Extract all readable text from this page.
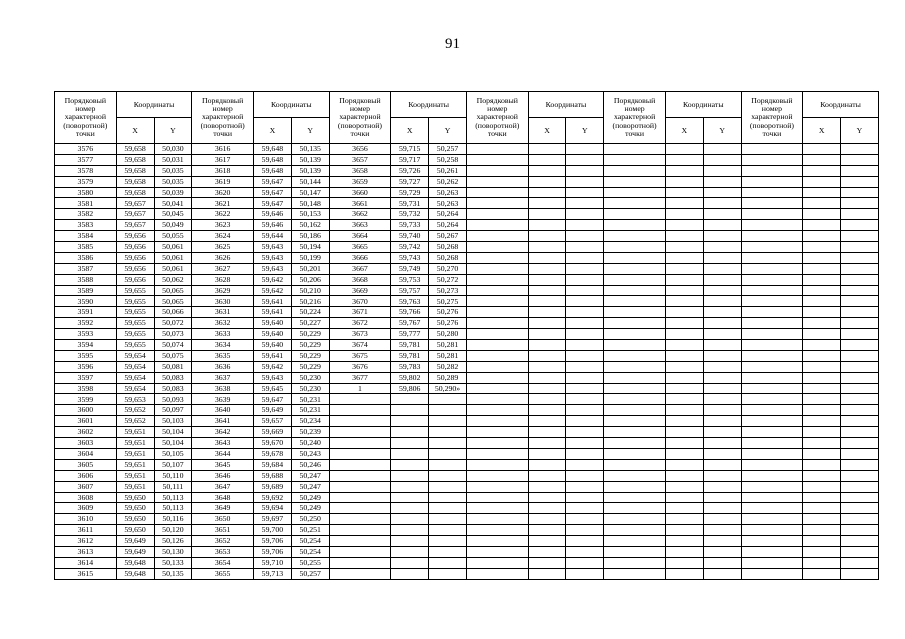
91
Порядковый номер характерной (поворотной) точки	Координаты		Порядковый номер характерной (поворотной) точки	Координаты		Порядковый номер характерной (поворотной) точки	Координаты		Порядковый номер характерной (поворотной) точки	Координаты		Порядковый номер характерной (поворотной) точки	Координаты		Порядковый номер характерной (поворотной) точки	Координаты	
	X	Y		X	Y		X	Y		X	Y		X	Y		X	Y
3576	59,658	50,030	3616	59,648	50,135	3656	59,715	50,257									
3577	59,658	50,031	3617	59,648	50,139	3657	59,717	50,258									
3578	59,658	50,035	3618	59,648	50,139	3658	59,726	50,261									
3579	59,658	50,035	3619	59,647	50,144	3659	59,727	50,262									
3580	59,658	50,039	3620	59,647	50,147	3660	59,729	50,263									
3581	59,657	50,041	3621	59,647	50,148	3661	59,731	50,263									
3582	59,657	50,045	3622	59,646	50,153	3662	59,732	50,264									
3583	59,657	50,049	3623	59,646	50,162	3663	59,733	50,264									
3584	59,656	50,055	3624	59,644	50,186	3664	59,740	50,267									
3585	59,656	50,061	3625	59,643	50,194	3665	59,742	50,268									
3586	59,656	50,061	3626	59,643	50,199	3666	59,743	50,268									
3587	59,656	50,061	3627	59,643	50,201	3667	59,749	50,270									
3588	59,656	50,062	3628	59,642	50,206	3668	59,753	50,272									
3589	59,655	50,065	3629	59,642	50,210	3669	59,757	50,273									
3590	59,655	50,065	3630	59,641	50,216	3670	59,763	50,275									
3591	59,655	50,066	3631	59,641	50,224	3671	59,766	50,276									
3592	59,655	50,072	3632	59,640	50,227	3672	59,767	50,276									
3593	59,655	50,073	3633	59,640	50,229	3673	59,777	50,280									
3594	59,655	50,074	3634	59,640	50,229	3674	59,781	50,281									
3595	59,654	50,075	3635	59,641	50,229	3675	59,781	50,281									
3596	59,654	50,081	3636	59,642	50,229	3676	59,783	50,282									
3597	59,654	50,083	3637	59,643	50,230	3677	59,802	50,289									
3598	59,654	50,083	3638	59,645	50,230	1	59,806	50,290»									
3599	59,653	50,093	3639	59,647	50,231												
3600	59,652	50,097	3640	59,649	50,231												
3601	59,652	50,103	3641	59,657	50,234												
3602	59,651	50,104	3642	59,669	50,239												
3603	59,651	50,104	3643	59,670	50,240												
3604	59,651	50,105	3644	59,678	50,243												
3605	59,651	50,107	3645	59,684	50,246												
3606	59,651	50,110	3646	59,688	50,247												
3607	59,651	50,111	3647	59,689	50,247												
3608	59,650	50,113	3648	59,692	50,249												
3609	59,650	50,113	3649	59,694	50,249												
3610	59,650	50,116	3650	59,697	50,250												
3611	59,650	50,120	3651	59,700	50,251												
3612	59,649	50,126	3652	59,706	50,254												
3613	59,649	50,130	3653	59,706	50,254												
3614	59,648	50,133	3654	59,710	50,255												
3615	59,648	50,135	3655	59,713	50,257												
